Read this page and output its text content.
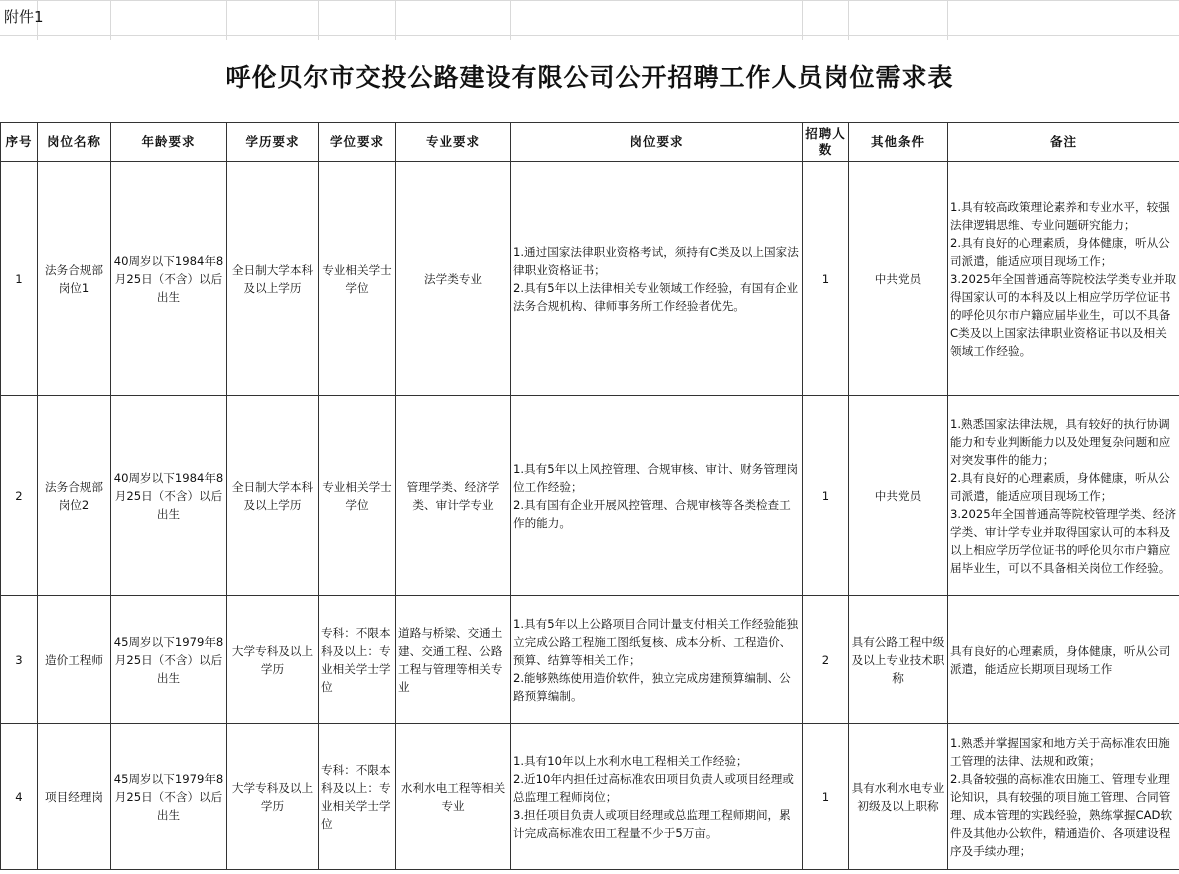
附件1
呼伦贝尔市交投公路建设有限公司公开招聘工作人员岗位需求表
序号	岗位名称	年龄要求	学历要求	学位要求	专业要求	岗位要求	招聘人数	其他条件	备注
1	法务合规部岗位1	40周岁以下1984年8月25日（不含）以后出生	全日制大学本科及以上学历	专业相关学士学位	法学类专业	1.通过国家法律职业资格考试，须持有C类及以上国家法律职业资格证书；
2.具有5年以上法律相关专业领域工作经验，有国有企业法务合规机构、律师事务所工作经验者优先。	1	中共党员	1.具有较高政策理论素养和专业水平，较强法律逻辑思维、专业问题研究能力；
2.具有良好的心理素质，身体健康，听从公司派遣，能适应项目现场工作；
3.2025年全国普通高等院校法学类专业并取得国家认可的本科及以上相应学历学位证书的呼伦贝尔市户籍应届毕业生，可以不具备C类及以上国家法律职业资格证书以及相关领域工作经验。
2	法务合规部岗位2	40周岁以下1984年8月25日（不含）以后出生	全日制大学本科及以上学历	专业相关学士学位	管理学类、经济学类、审计学专业	1.具有5年以上风控管理、合规审核、审计、财务管理岗位工作经验；
2.具有国有企业开展风控管理、合规审核等各类检查工作的能力。	1	中共党员	1.熟悉国家法律法规，具有较好的执行协调能力和专业判断能力以及处理复杂问题和应对突发事件的能力；
2.具有良好的心理素质，身体健康，听从公司派遣，能适应项目现场工作；
3.2025年全国普通高等院校管理学类、经济学类、审计学专业并取得国家认可的本科及以上相应学历学位证书的呼伦贝尔市户籍应届毕业生，可以不具备相关岗位工作经验。
3	造价工程师	45周岁以下1979年8月25日（不含）以后出生	大学专科及以上学历	专科：不限本科及以上：专业相关学士学位	道路与桥梁、交通土建、交通工程、公路工程与管理等相关专业	1.具有5年以上公路项目合同计量支付相关工作经验能独立完成公路工程施工图纸复核、成本分析、工程造价、预算、结算等相关工作；
2.能够熟练使用造价软件，独立完成房建预算编制、公路预算编制。	2	具有公路工程中级及以上专业技术职称	具有良好的心理素质，身体健康，听从公司派遣，能适应长期项目现场工作
4	项目经理岗	45周岁以下1979年8月25日（不含）以后出生	大学专科及以上学历	专科：不限本科及以上：专业相关学士学位	水利水电工程等相关专业	1.具有10年以上水利水电工程相关工作经验；
2.近10年内担任过高标准农田项目负责人或项目经理或总监理工程师岗位；
3.担任项目负责人或项目经理或总监理工程师期间，累计完成高标准农田工程量不少于5万亩。	1	具有水利水电专业初级及以上职称	1.熟悉并掌握国家和地方关于高标准农田施工管理的法律、法规和政策；
2.具备较强的高标准农田施工、管理专业理论知识，具有较强的项目施工管理、合同管理、成本管理的实践经验，熟练掌握CAD软件及其他办公软件，精通造价、各项建设程序及手续办理；
